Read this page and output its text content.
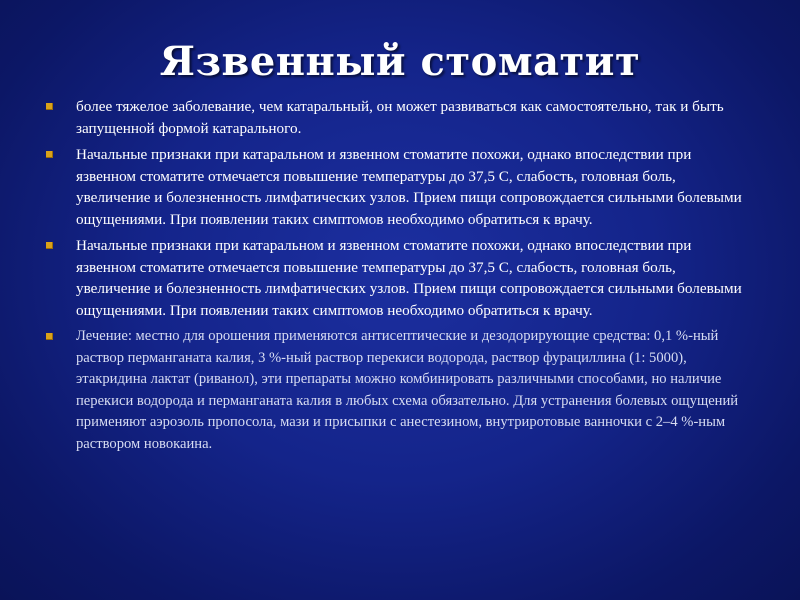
Язвенный стоматит
более тяжелое заболевание, чем катаральный, он может развиваться как самостоятельно, так и быть запущенной формой катарального.
Начальные признаки при катаральном и язвенном стоматите похожи, однако впоследствии при язвенном стоматите отмечается повышение температуры до 37,5 С, слабость, головная боль, увеличение и болезненность лимфатических узлов. Прием пищи сопровождается сильными болевыми ощущениями. При появлении таких симптомов необходимо обратиться к врачу.
Начальные признаки при катаральном и язвенном стоматите похожи, однако впоследствии при язвенном стоматите отмечается повышение температуры до 37,5 С, слабость, головная боль, увеличение и болезненность лимфатических узлов. Прием пищи сопровождается сильными болевыми ощущениями. При появлении таких симптомов необходимо обратиться к врачу.
Лечение: местно для орошения применяются антисептические и дезодорирующие средства: 0,1 %-ный раствор перманганата калия, 3 %-ный раствор перекиси водорода, раствор фурациллина (1: 5000), этакридина лактат (риванол), эти препараты можно комбинировать различными способами, но наличие перекиси водорода и перманганата калия в любых схема обязательно. Для устранения болевых ощущений применяют аэрозоль пропосола, мази и присыпки с анестезином, внутриротовые ванночки с 2–4 %-ным раствором новокаина.
